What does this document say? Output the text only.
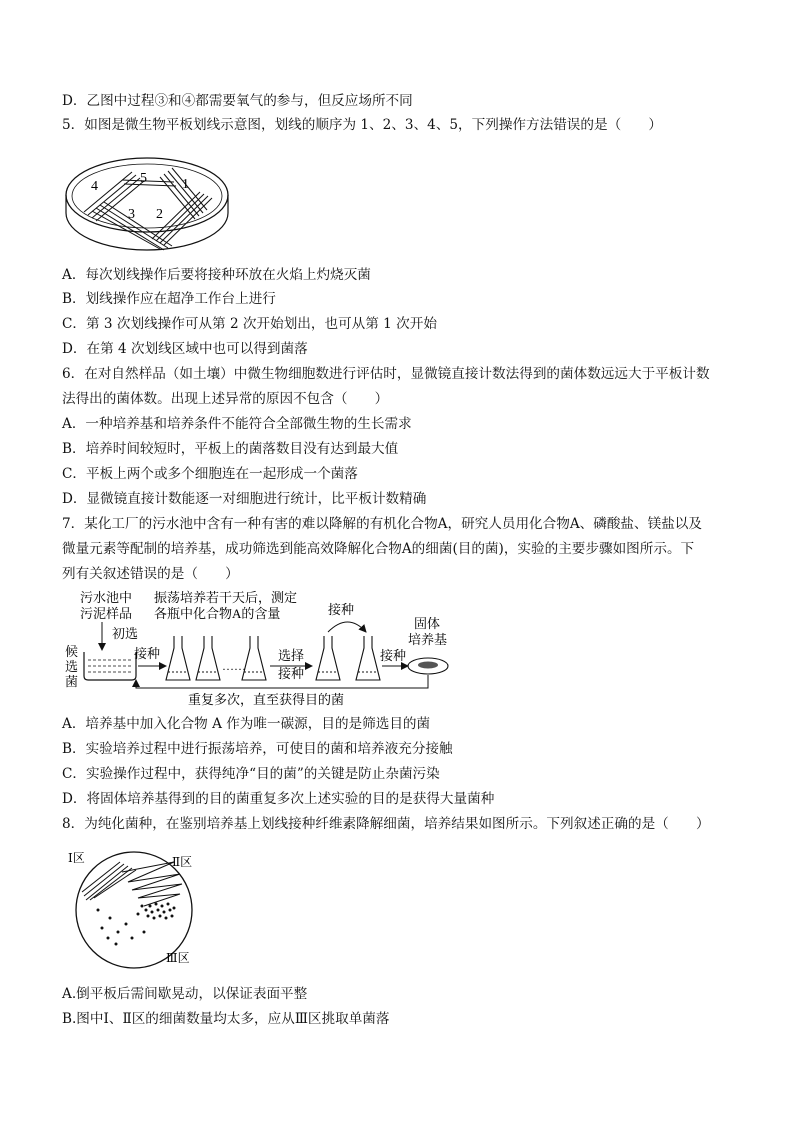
D．乙图中过程③和④都需要氧气的参与，但反应场所不同
5．如图是微生物平板划线示意图，划线的顺序为 1、2、3、4、5，下列操作方法错误的是（　　）
1
2
3
4
5
A．每次划线操作后要将接种环放在火焰上灼烧灭菌
B．划线操作应在超净工作台上进行
C．第 3 次划线操作可从第 2 次开始划出，也可从第 1 次开始
D．在第 4 次划线区域中也可以得到菌落
6．在对自然样品（如土壤）中微生物细胞数进行评估时，显微镜直接计数法得到的菌体数远远大于平板计数
法得出的菌体数。出现上述异常的原因不包含（　　）
A．一种培养基和培养条件不能符合全部微生物的生长需求
B．培养时间较短时，平板上的菌落数目没有达到最大值
C．平板上两个或多个细胞连在一起形成一个菌落
D．显微镜直接计数能逐一对细胞进行统计，比平板计数精确
7．某化工厂的污水池中含有一种有害的难以降解的有机化合物A，研究人员用化合物A、磷酸盐、镁盐以及
微量元素等配制的培养基，成功筛选到能高效降解化合物A的细菌(目的菌)，实验的主要步骤如图所示。下
列有关叙述错误的是（　　）
污水池中
污泥样品
初选
候
选
菌
接种
振荡培养若干天后，测定
各瓶中化合物A的含量
……
选择
接种
接种
接种
固体
培养基
重复多次，直至获得目的菌
A．培养基中加入化合物 A 作为唯一碳源，目的是筛选目的菌
B．实验培养过程中进行振荡培养，可使目的菌和培养液充分接触
C．实验操作过程中，获得纯净“目的菌”的关键是防止杂菌污染
D．将固体培养基得到的目的菌重复多次上述实验的目的是获得大量菌种
8．为纯化菌种，在鉴别培养基上划线接种纤维素降解细菌，培养结果如图所示。下列叙述正确的是（　　）
Ⅰ区	Ⅱ区
Ⅲ区
A.倒平板后需间歇晃动，以保证表面平整
B.图中Ⅰ、Ⅱ区的细菌数量均太多，应从Ⅲ区挑取单菌落
